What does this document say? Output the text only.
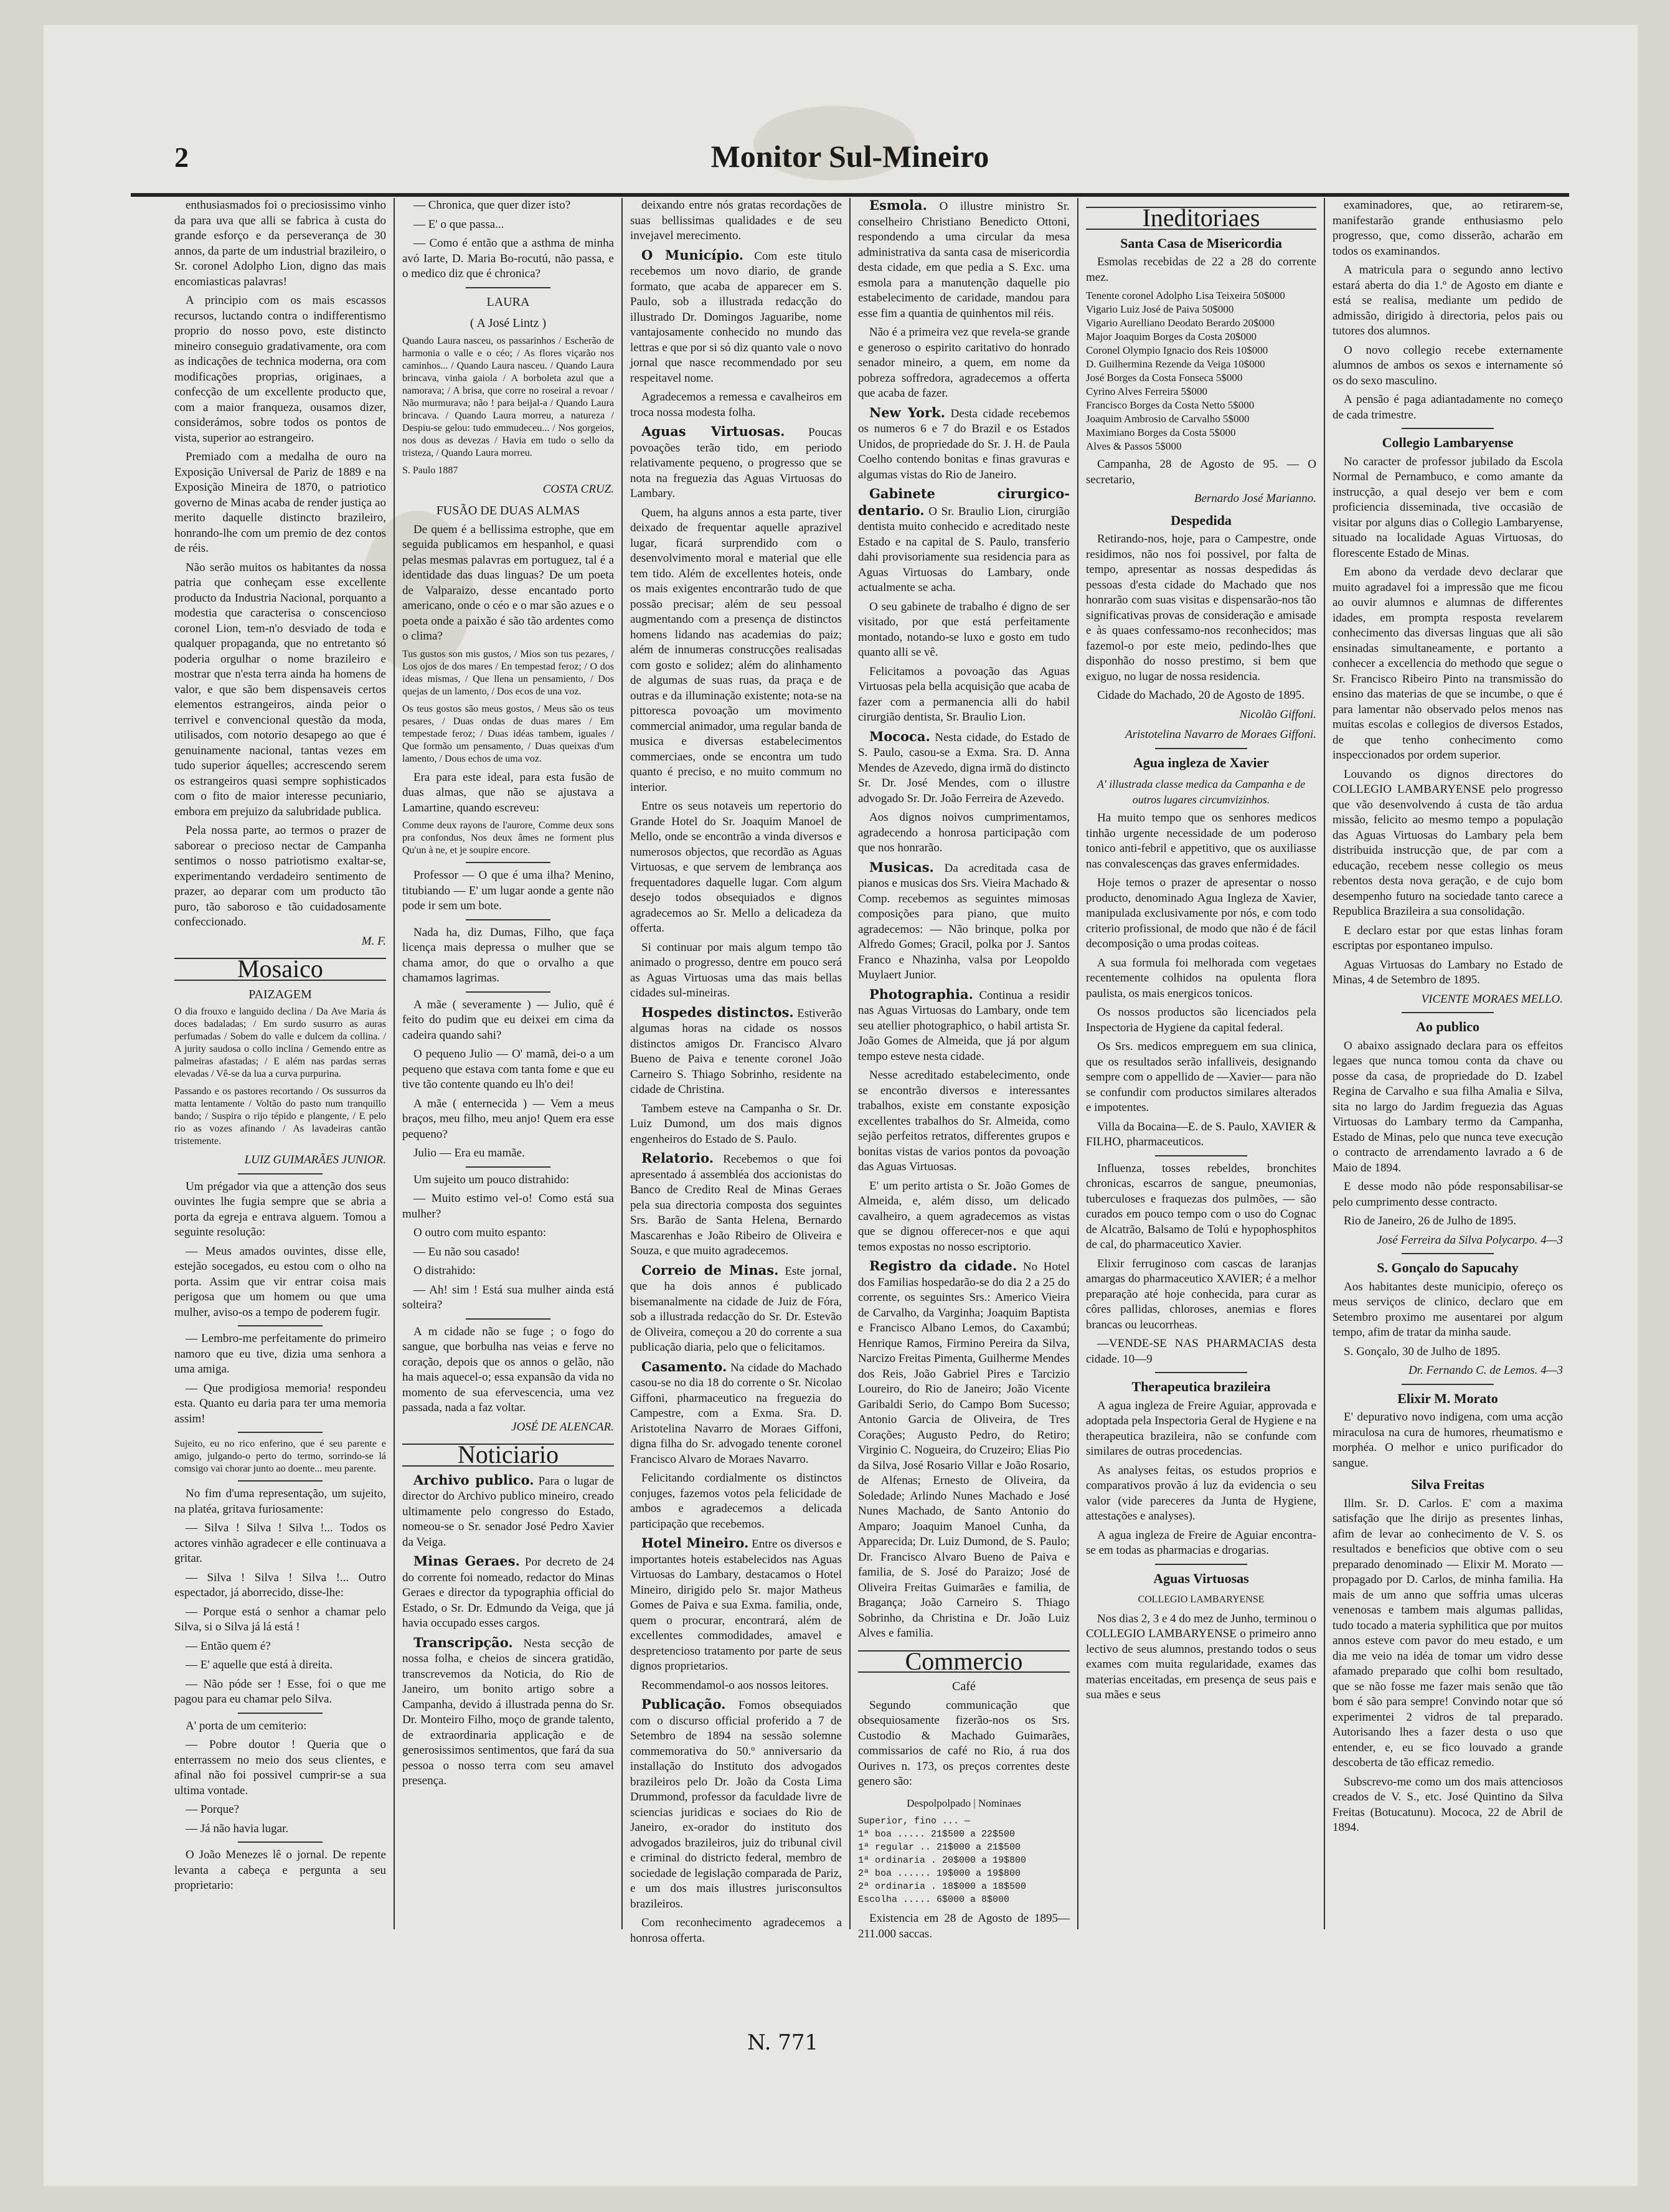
2	Monitor Sul-Mineiro

enthusiasmados foi o preciosissimo vinho da para uva que alli se fabrica à custa do grande esforço e da perseverança de 30 annos, da parte de um industrial brazileiro, o Sr. coronel Adolpho Lion, digno das mais encomiasticas palavras!

A principio com os mais escassos recursos, luctando contra o indifferentismo proprio do nosso povo, este distincto mineiro conseguio gradativamente, ora com as indicações de technica moderna, ora com modificações proprias, originaes, a confecção de um excellente producto que, com a maior franqueza, ousamos dizer, considerámos, sobre todos os pontos de vista, superior ao estrangeiro.

Premiado com a medalha de ouro na Exposição Universal de Pariz de 1889 e na Exposição Mineira de 1870, o patriotico governo de Minas acaba de render justiça ao merito daquelle distincto brazileiro, honrando-lhe com um premio de dez contos de réis.

Não serão muitos os habitantes da nossa patria que conheçam esse excellente producto da Industria Nacional, porquanto a modestia que caracterisa o conscencioso coronel Lion, tem-n'o desviado de toda e qualquer propaganda, que no entretanto só poderia orgulhar o nome brazileiro e mostrar que n'esta terra ainda ha homens de valor, e que são bem dispensaveis certos elementos estrangeiros, ainda peior o terrivel e convencional questão da moda, utilisados, com notorio desapego ao que é genuinamente nacional, tantas vezes em tudo superior áquelles; accrescendo serem os estrangeiros quasi sempre sophisticados com o fito de maior interesse pecuniario, embora em prejuizo da salubridade publica.

Pela nossa parte, ao termos o prazer de saborear o precioso nectar de Campanha sentimos o nosso patriotismo exaltar-se, experimentando verdadeiro sentimento de prazer, ao deparar com um producto tão puro, tão saboroso e tão cuidadosamente confeccionado.

M. F.

Mosaico
PAIZAGEM

O dia frouxo e languido declina / Da Ave Maria ás doces badaladas; / Em surdo susurro as auras perfumadas / Sobem do valle e dulcem da collina. / A jurity saudosa o collo inclina / Gemendo entre as palmeiras afastadas; / E além nas pardas serras elevadas / Vê-se da lua a curva purpurina.

Passando e os pastores recortando / Os sussurros da matta lentamente / Voltão do pasto num tranquillo bando; / Suspira o rijo tépido e plangente, / E pelo rio as vozes afinando / As lavadeiras cantão tristemente.

LUIZ GUIMARÃES JUNIOR.

Um prégador via que a attenção dos seus ouvintes lhe fugia sempre que se abria a porta da egreja e entrava alguem. Tomou a seguinte resolução:

— Meus amados ouvintes, disse elle, estejão socegados, eu estou com o olho na porta. Assim que vir entrar coisa mais perigosa que um homem ou que uma mulher, aviso-os a tempo de poderem fugir.

— Lembro-me perfeitamente do primeiro namoro que eu tive, dizia uma senhora a uma amiga.

— Que prodigiosa memoria! respondeu esta. Quanto eu daria para ter uma memoria assim!

Sujeito, eu no rico enferino, que é seu parente e amigo, julgando-o perto do termo, sorrindo-se lá comsigo vai chorar junto ao doente... meu parente.

No fim d'uma representação, um sujeito, na platéa, gritava furiosamente:

— Silva ! Silva ! Silva !... Todos os actores vinhão agradecer e elle continuava a gritar.

— Silva ! Silva ! Silva !... Outro espectador, já aborrecido, disse-lhe:

— Porque está o senhor a chamar pelo Silva, si o Silva já lá está !

— Então quem é?

— E' aquelle que está à direita.

— Não póde ser ! Esse, foi o que me pagou para eu chamar pelo Silva.

A' porta de um cemiterio:

— Pobre doutor ! Queria que o enterrassem no meio dos seus clientes, e afinal não foi possivel cumprir-se a sua ultima vontade.

— Porque?

— Já não havia lugar.

O João Menezes lê o jornal. De repente levanta a cabeça e pergunta a seu proprietario:

— Chronica, que quer dizer isto?

— E' o que passa...

— Como é então que a asthma de minha avó Iarte, D. Maria Bo-rocutú, não passa, e o medico diz que é chronica?

LAURA
( A José Lintz )

Quando Laura nasceu, os passarinhos / Escherão de harmonia o valle e o céo; / As flores viçarão nos caminhos... / Quando Laura nasceu. / Quando Laura brincava, vinha gaiola / A borboleta azul que a namorava; / A brisa, que corre no roseiral a revoar / Não murmurava; não ! para beijal-a / Quando Laura brincava. / Quando Laura morreu, a natureza / Despiu-se gelou: tudo emmudeceu... / Nos gorgeios, nos dous as devezas / Havia em tudo o sello da tristeza, / Quando Laura morreu.

S. Paulo 1887

COSTA CRUZ.

FUSÃO DE DUAS ALMAS

De quem é a bellissima estrophe, que em seguida publicamos em hespanhol, e quasi pelas mesmas palavras em portuguez, tal é a identidade das duas linguas? De um poeta de Valparaizo, desse encantado porto americano, onde o céo e o mar são azues e o poeta onde a paixão é são tão ardentes como o clima?

Tus gustos son mis gustos, / Mios son tus pezares, / Los ojos de dos mares / En tempestad feroz; / O dos ideas mismas, / Que llena un pensamiento, / Dos quejas de un lamento, / Dos ecos de una voz.

Os teus gostos são meus gostos, / Meus são os teus pesares, / Duas ondas de duas mares / Em tempestade feroz; / Duas idéas tambem, iguales / Que formão um pensamento, / Duas queixas d'um lamento, / Dous echos de uma voz.

Era para este ideal, para esta fusão de duas almas, que não se ajustava a Lamartine, quando escreveu:

Comme deux rayons de l'aurore, Comme deux sons pra confondus, Nos deux âmes ne forment plus Qu'un à ne, et je soupire encore.

Professor — O que é uma ilha? Menino, titubiando — E' um lugar aonde a gente não pode ir sem um bote.

Nada ha, diz Dumas, Filho, que faça licença mais depressa o mulher que se chama amor, do que o orvalho a que chamamos lagrimas.

A mãe ( severamente ) — Julio, quê é feito do pudim que eu deixei em cima da cadeira quando sahi?

O pequeno Julio — O' mamã, dei-o a um pequeno que estava com tanta fome e que eu tive tão contente quando eu lh'o dei!

A mãe ( enternecida ) — Vem a meus braços, meu filho, meu anjo! Quem era esse pequeno?

Julio — Era eu mamãe.

Um sujeito um pouco distrahido:

— Muito estimo vel-o! Como está sua mulher?

O outro com muito espanto:

— Eu não sou casado!

O distrahido:

— Ah! sim ! Está sua mulher ainda está solteira?

A m cidade não se fuge ; o fogo do sangue, que borbulha nas veias e ferve no coração, depois que os annos o gelão, não ha mais aquecel-o; essa expansão da vida no momento de sua efervescencia, uma vez passada, nada a faz voltar.

JOSÉ DE ALENCAR.

Noticiario

Archivo publico. Para o lugar de director do Archivo publico mineiro, creado ultimamente pelo congresso do Estado, nomeou-se o Sr. senador José Pedro Xavier da Veiga.

Minas Geraes. Por decreto de 24 do corrente foi nomeado, redactor do Minas Geraes e director da typographia official do Estado, o Sr. Dr. Edmundo da Veiga, que já havia occupado esses cargos.

Transcripção. Nesta secção de nossa folha, e cheios de sincera gratidão, transcrevemos da Noticia, do Rio de Janeiro, um bonito artigo sobre a Campanha, devido á illustrada penna do Sr. Dr. Monteiro Filho, moço de grande talento, de extraordinaria applicação e de generosissimos sentimentos, que fará da sua pessoa o nosso terra com seu amavel presença.

deixando entre nós gratas recordações de suas bellissimas qualidades e de seu invejavel merecimento.

O Município. Com este titulo recebemos um novo diario, de grande formato, que acaba de apparecer em S. Paulo, sob a illustrada redacção do illustrado Dr. Domingos Jaguaribe, nome vantajosamente conhecido no mundo das lettras e que por si só diz quanto vale o novo jornal que nasce recommendado por seu respeitavel nome.

Agradecemos a remessa e cavalheiros em troca nossa modesta folha.

Aguas Virtuosas. Poucas povoações terão tido, em periodo relativamente pequeno, o progresso que se nota na freguezia das Aguas Virtuosas do Lambary.

Quem, ha alguns annos a esta parte, tiver deixado de frequentar aquelle aprazivel lugar, ficará surprendido com o desenvolvimento moral e material que elle tem tido. Além de excellentes hoteis, onde os mais exigentes encontrarão tudo de que possão precisar; além de seu pessoal augmentando com a presença de distinctos homens lidando nas academias do paiz; além de innumeras construcções realisadas com gosto e solidez; além do alinhamento de algumas de suas ruas, da praça e de outras e da illuminação existente; nota-se na pittoresca povoação um movimento commercial animador, uma regular banda de musica e diversas estabelecimentos commerciaes, onde se encontra um tudo quanto é preciso, e no muito commum no interior.

Entre os seus notaveis um repertorio do Grande Hotel do Sr. Joaquim Manoel de Mello, onde se encontrão a vinda diversos e numerosos objectos, que recordão as Aguas Virtuosas, e que servem de lembrança aos frequentadores daquelle lugar. Com algum desejo todos obsequiados e dignos agradecemos ao Sr. Mello a delicadeza da offerta.

Si continuar por mais algum tempo tão animado o progresso, dentre em pouco será as Aguas Virtuosas uma das mais bellas cidades sul-mineiras.

Hospedes distinctos. Estiverão algumas horas na cidade os nossos distinctos amigos Dr. Francisco Alvaro Bueno de Paiva e tenente coronel João Carneiro S. Thiago Sobrinho, residente na cidade de Christina.

Tambem esteve na Campanha o Sr. Dr. Luiz Dumond, um dos mais dignos engenheiros do Estado de S. Paulo.

Relatorio. Recebemos o que foi apresentado á assembléa dos accionistas do Banco de Credito Real de Minas Geraes pela sua directoria composta dos seguintes Srs. Barão de Santa Helena, Bernardo Mascarenhas e João Ribeiro de Oliveira e Souza, e que muito agradecemos.

Correio de Minas. Este jornal, que ha dois annos é publicado bisemanalmente na cidade de Juiz de Fóra, sob a illustrada redacção do Sr. Dr. Estevão de Oliveira, começou a 20 do corrente a sua publicação diaria, pelo que o felicitamos.

Casamento. Na cidade do Machado casou-se no dia 18 do corrente o Sr. Nicolao Giffoni, pharmaceutico na freguezia do Campestre, com a Exma. Sra. D. Aristotelina Navarro de Moraes Giffoni, digna filha do Sr. advogado tenente coronel Francisco Alvaro de Moraes Navarro.

Felicitando cordialmente os distinctos conjuges, fazemos votos pela felicidade de ambos e agradecemos a delicada participação que recebemos.

Hotel Mineiro. Entre os diversos e importantes hoteis estabelecidos nas Aguas Virtuosas do Lambary, destacamos o Hotel Mineiro, dirigido pelo Sr. major Matheus Gomes de Paiva e sua Exma. familia, onde, quem o procurar, encontrará, além de excellentes commodidades, amavel e despretencioso tratamento por parte de seus dignos proprietarios.

Recommendamol-o aos nossos leitores.

Publicação. Fomos obsequiados com o discurso official proferido a 7 de Setembro de 1894 na sessão solemne commemorativa do 50.º anniversario da installação do Instituto dos advogados brazileiros pelo Dr. João da Costa Lima Drummond, professor da faculdade livre de sciencias juridicas e sociaes do Rio de Janeiro, ex-orador do instituto dos advogados brazileiros, juiz do tribunal civil e criminal do districto federal, membro de sociedade de legislação comparada de Pariz, e um dos mais illustres jurisconsultos brazileiros.

Com reconhecimento agradecemos a honrosa offerta.

Esmola. O illustre ministro Sr. conselheiro Christiano Benedicto Ottoni, respondendo a uma circular da mesa administrativa da santa casa de misericordia desta cidade, em que pedia a S. Exc. uma esmola para a manutenção daquelle pio estabelecimento de caridade, mandou para esse fim a quantia de quinhentos mil réis.

Não é a primeira vez que revela-se grande e generoso o espirito caritativo do honrado senador mineiro, a quem, em nome da pobreza soffredora, agradecemos a offerta que acaba de fazer.

New York. Desta cidade recebemos os numeros 6 e 7 do Brazil e os Estados Unidos, de propriedade do Sr. J. H. de Paula Coelho contendo bonitas e finas gravuras e algumas vistas do Rio de Janeiro.

Gabinete cirurgico-dentario. O Sr. Braulio Lion, cirurgião dentista muito conhecido e acreditado neste Estado e na capital de S. Paulo, transferio dahi provisoriamente sua residencia para as Aguas Virtuosas do Lambary, onde actualmente se acha.

O seu gabinete de trabalho é digno de ser visitado, por que está perfeitamente montado, notando-se luxo e gosto em tudo quanto alli se vê.

Felicitamos a povoação das Aguas Virtuosas pela bella acquisição que acaba de fazer com a permanencia alli do habil cirurgião dentista, Sr. Braulio Lion.

Mococa. Nesta cidade, do Estado de S. Paulo, casou-se a Exma. Sra. D. Anna Mendes de Azevedo, digna irmã do distincto Sr. Dr. José Mendes, com o illustre advogado Sr. Dr. João Ferreira de Azevedo.

Aos dignos noivos cumprimentamos, agradecendo a honrosa participação com que nos honrarão.

Musicas. Da acreditada casa de pianos e musicas dos Srs. Vieira Machado & Comp. recebemos as seguintes mimosas composições para piano, que muito agradecemos: — Não brinque, polka por Alfredo Gomes; Gracil, polka por J. Santos Franco e Nhazinha, valsa por Leopoldo Muylaert Junior.

Photographia. Continua a residir nas Aguas Virtuosas do Lambary, onde tem seu atellier photographico, o habil artista Sr. João Gomes de Almeida, que já por algum tempo esteve nesta cidade.

Nesse acreditado estabelecimento, onde se encontrão diversos e interessantes trabalhos, existe em constante exposição excellentes trabalhos do Sr. Almeida, como sejão perfeitos retratos, differentes grupos e bonitas vistas de varios pontos da povoação das Aguas Virtuosas.

E' um perito artista o Sr. João Gomes de Almeida, e, além disso, um delicado cavalheiro, a quem agradecemos as vistas que se dignou offerecer-nos e que aqui temos expostas no nosso escriptorio.

Registro da cidade. No Hotel dos Familias hospedarão-se do dia 2 a 25 do corrente, os seguintes Srs.: Americo Vieira de Carvalho, da Varginha; Joaquim Baptista e Francisco Albano Lemos, do Caxambú; Henrique Ramos, Firmino Pereira da Silva, Narcizo Freitas Pimenta, Guilherme Mendes dos Reis, João Gabriel Pires e Tarcizio Loureiro, do Rio de Janeiro; João Vicente Garibaldi Serio, do Campo Bom Sucesso; Antonio Garcia de Oliveira, de Tres Corações; Augusto Pedro, do Retiro; Virginio C. Nogueira, do Cruzeiro; Elias Pio da Silva, José Rosario Villar e João Rosario, de Alfenas; Ernesto de Oliveira, da Soledade; Arlindo Nunes Machado e José Nunes Machado, de Santo Antonio do Amparo; Joaquim Manoel Cunha, da Apparecida; Dr. Luiz Dumond, de S. Paulo; Dr. Francisco Alvaro Bueno de Paiva e familia, de S. José do Paraizo; José de Oliveira Freitas Guimarães e familia, de Bragança; João Carneiro S. Thiago Sobrinho, da Christina e Dr. João Luiz Alves e familia.

Commercio
Café

Segundo communicação que obsequiosamente fizerão-nos os Srs. Custodio & Machado Guimarães, commissarios de café no Rio, á rua dos Ourives n. 173, os preços correntes deste genero são:

Despolpolpado | Nominaes
Superior, fino ... —
1ª boa ..... 21$500 a 22$500
1ª regular .. 21$000 a 21$500
1ª ordinaria . 20$000 a 19$800
2ª boa ...... 19$000 a 19$800
2ª ordinaria . 18$000 a 18$500
Escolha ..... 6$000 a 8$000

Existencia em 28 de Agosto de 1895—211.000 saccas.

Ineditoriaes
Santa Casa de Misericordia

Esmolas recebidas de 22 a 28 do corrente mez.

Tenente coronel Adolpho Lisa Teixeira 50$000
Vigario Luiz José de Paiva 50$000
Vigario Aurelliano Deodato Berardo 20$000
Major Joaquim Borges da Costa 20$000
Coronel Olympio Ignacio dos Reis 10$000
D. Guilhermina Rezende da Veiga 10$000
José Borges da Costa Fonseca 5$000
Cyrino Alves Ferreira 5$000
Francisco Borges da Costa Netto 5$000
Joaquim Ambrosio de Carvalho 5$000
Maximiano Borges da Costa 5$000
Alves & Passos 5$000

Campanha, 28 de Agosto de 95. — O secretario,

Bernardo José Marianno.

Despedida

Retirando-nos, hoje, para o Campestre, onde residimos, não nos foi possivel, por falta de tempo, apresentar as nossas despedidas ás pessoas d'esta cidade do Machado que nos honrarão com suas visitas e dispensarão-nos tão significativas provas de consideração e amisade e às quaes confessamo-nos reconhecidos; mas fazemol-o por este meio, pedindo-lhes que disponhão do nosso prestimo, si bem que exiguo, no lugar de nossa residencia.

Cidade do Machado, 20 de Agosto de 1895.

Nicolão Giffoni.

Aristotelina Navarro de Moraes Giffoni.

Agua ingleza de Xavier

A' illustrada classe medica da Campanha e de outros lugares circumvizinhos.

Ha muito tempo que os senhores medicos tinhão urgente necessidade de um poderoso tonico anti-febril e appetitivo, que os auxiliasse nas convalescenças das graves enfermidades.

Hoje temos o prazer de apresentar o nosso producto, denominado Agua Ingleza de Xavier, manipulada exclusivamente por nós, e com todo criterio profissional, de modo que não é de fácil decomposição o uma prodas coiteas.

A sua formula foi melhorada com vegetaes recentemente colhidos na opulenta flora paulista, os mais energicos tonicos.

Os nossos productos são licenciados pela Inspectoria de Hygiene da capital federal.

Os Srs. medicos empreguem em sua clinica, que os resultados serão infalliveis, designando sempre com o appellido de —Xavier— para não se confundir com productos similares alterados e impotentes.

Villa da Bocaina—E. de S. Paulo, XAVIER & FILHO, pharmaceuticos.

Influenza, tosses rebeldes, bronchites chronicas, escarros de sangue, pneumonias, tuberculoses e fraquezas dos pulmões, — são curados em pouco tempo com o uso do Cognac de Alcatrão, Balsamo de Tolú e hypophosphitos de cal, do pharmaceutico Xavier.

Elixir ferruginoso com cascas de laranjas amargas do pharmaceutico XAVIER; é a melhor preparação até hoje conhecida, para curar as côres pallidas, chloroses, anemias e flores brancas ou leucorrheas.

—VENDE-SE NAS PHARMACIAS desta cidade. 10—9

Therapeutica brazileira

A agua ingleza de Freire Aguiar, approvada e adoptada pela Inspectoria Geral de Hygiene e na therapeutica brazileira, não se confunde com similares de outras procedencias.

As analyses feitas, os estudos proprios e comparativos provão á luz da evidencia o seu valor (vide pareceres da Junta de Hygiene, attestações e analyses).

A agua ingleza de Freire de Aguiar encontra-se em todas as pharmacias e drogarias.

Aguas Virtuosas
COLLEGIO LAMBARYENSE

Nos dias 2, 3 e 4 do mez de Junho, terminou o COLLEGIO LAMBARYENSE o primeiro anno lectivo de seus alumnos, prestando todos o seus exames com muita regularidade, exames das materias enceitadas, em presença de seus pais e sua mães e seus

examinadores, que, ao retirarem-se, manifestarão grande enthusiasmo pelo progresso, que, como disserão, acharão em todos os examinandos.

A matricula para o segundo anno lectivo estará aberta do dia 1.º de Agosto em diante e está se realisa, mediante um pedido de admissão, dirigido à directoria, pelos pais ou tutores dos alumnos.

O novo collegio recebe externamente alumnos de ambos os sexos e internamente só os do sexo masculino.

A pensão é paga adiantadamente no começo de cada trimestre.

Collegio Lambaryense

No caracter de professor jubilado da Escola Normal de Pernambuco, e como amante da instrucção, a qual desejo ver bem e com proficiencia disseminada, tive occasião de visitar por alguns dias o Collegio Lambaryense, situado na localidade Aguas Virtuosas, do florescente Estado de Minas.

Em abono da verdade devo declarar que muito agradavel foi a impressão que me ficou ao ouvir alumnos e alumnas de differentes idades, em prompta resposta revelarem conhecimento das diversas linguas que ali são ensinadas simultaneamente, e portanto a conhecer a excellencia do methodo que segue o Sr. Francisco Ribeiro Pinto na transmissão do ensino das materias de que se incumbe, o que é para lamentar não observado pelos menos nas muitas escolas e collegios de diversos Estados, de que tenho conhecimento como inspeccionados por ordem superior.

Louvando os dignos directores do COLLEGIO LAMBARYENSE pelo progresso que vão desenvolvendo á custa de tão ardua missão, felicito ao mesmo tempo a população das Aguas Virtuosas do Lambary pela bem distribuida instrucção que, de par com a educação, recebem nesse collegio os meus rebentos desta nova geração, e de cujo bom desempenho futuro na sociedade tanto carece a Republica Brazileira a sua consolidação.

E declaro estar por que estas linhas foram escriptas por espontaneo impulso.

Aguas Virtuosas do Lambary no Estado de Minas, 4 de Setembro de 1895.

VICENTE MORAES MELLO.

Ao publico

O abaixo assignado declara para os effeitos legaes que nunca tomou conta da chave ou posse da casa, de propriedade do D. Izabel Regina de Carvalho e sua filha Amalia e Silva, sita no largo do Jardim freguezia das Aguas Virtuosas do Lambary termo da Campanha, Estado de Minas, pelo que nunca teve execução o contracto de arrendamento lavrado a 6 de Maio de 1894.

E desse modo não póde responsabilisar-se pelo cumprimento desse contracto.

Rio de Janeiro, 26 de Julho de 1895.

José Ferreira da Silva Polycarpo. 4—3

S. Gonçalo do Sapucahy

Aos habitantes deste municipio, ofereço os meus serviços de clinico, declaro que em Setembro proximo me ausentarei por algum tempo, afim de tratar da minha saude.

S. Gonçalo, 30 de Julho de 1895.

Dr. Fernando C. de Lemos. 4—3

Elixir M. Morato

E' depurativo novo indigena, com uma acção miraculosa na cura de humores, rheumatismo e morphéa. O melhor e unico purificador do sangue.

Silva Freitas

Illm. Sr. D. Carlos. E' com a maxima satisfação que lhe dirijo as presentes linhas, afim de levar ao conhecimento de V. S. os resultados e beneficios que obtive com o seu preparado denominado — Elixir M. Morato — propagado por D. Carlos, de minha familia. Ha mais de um anno que soffria umas ulceras venenosas e tambem mais algumas pallidas, tudo tocado a materia syphilitica que por muitos annos esteve com pavor do meu estado, e um dia me veio na idéa de tomar um vidro desse afamado preparado que colhi bom resultado, que se não fosse me fazer mais senão que tão bom é são para sempre! Convindo notar que só experimentei 2 vidros de tal preparado. Autorisando lhes a fazer desta o uso que entender, e, eu se fico louvado a grande descoberta de tão efficaz remedio.

Subscrevo-me como um dos mais attenciosos creados de V. S., etc. José Quintino da Silva Freitas (Botucatunu). Mococa, 22 de Abril de 1894.

N. 771
